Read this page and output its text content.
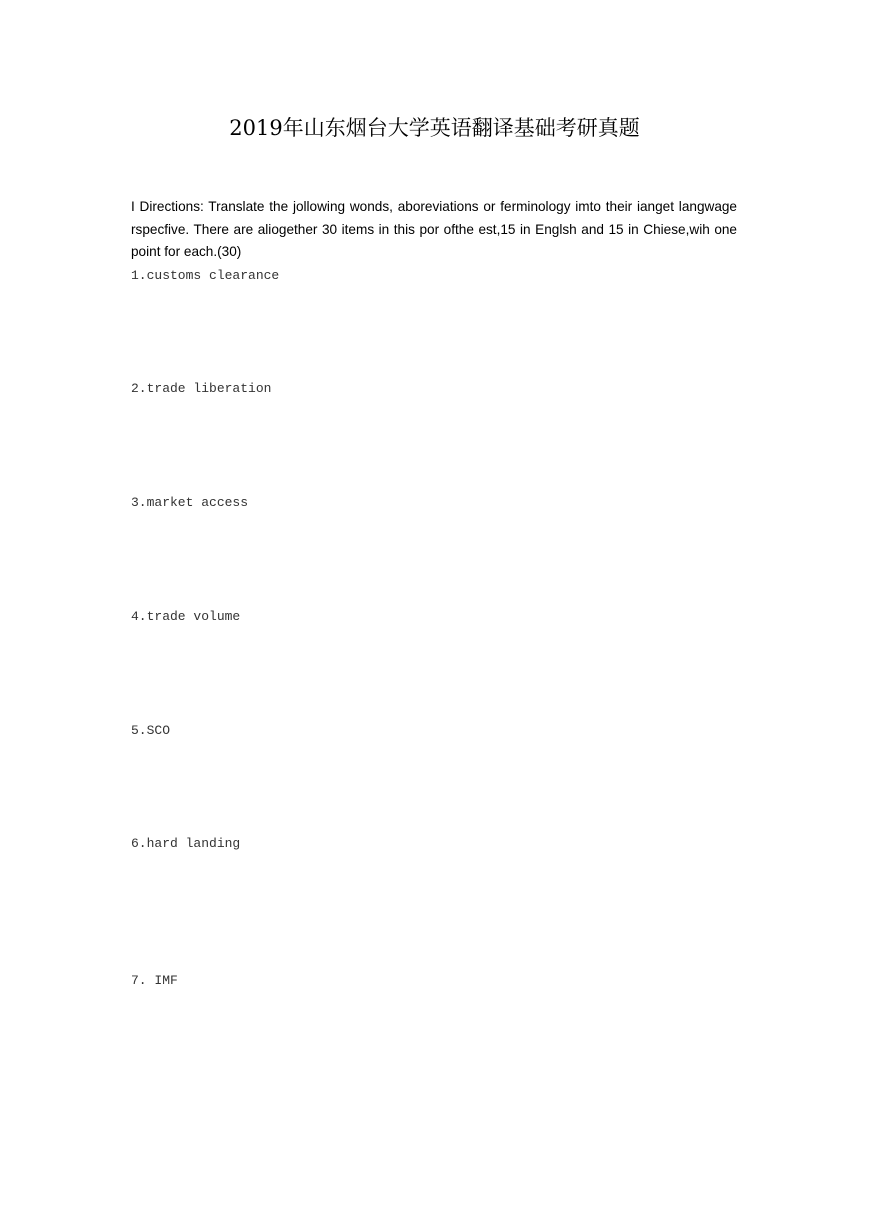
2019年山东烟台大学英语翻译基础考研真题

I Directions: Translate the jollowing wonds, aboreviations or ferminology imto their ianget langwage rspecfive. There are aliogether 30 items in this por ofthe est,15 in Englsh and 15 in Chiese,wih one point for each.(30)

1.customs clearance
2.trade liberation
3.market access
4.trade volume
5.SCO
6.hard landing
7. IMF
